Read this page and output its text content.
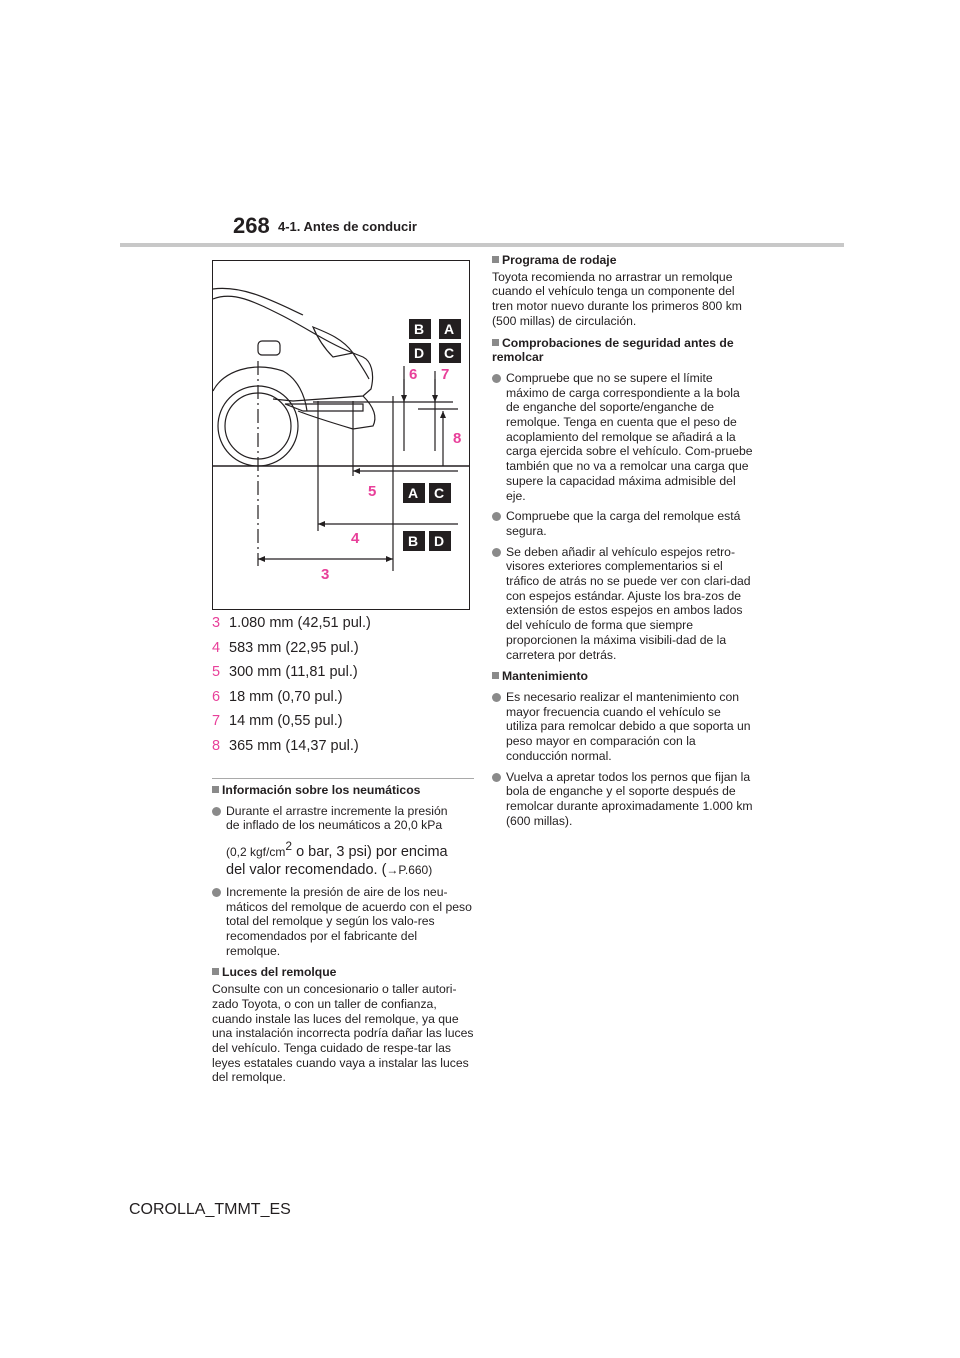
268 4-1. Antes de conducir
3
4
5
6 7
8
B A
D C
A C
B D
3 1.080 mm (42,51 pul.)
4 583 mm (22,95 pul.)
5 300 mm (11,81 pul.)
6 18 mm (0,70 pul.)
7 14 mm (0,55 pul.)
8 365 mm (14,37 pul.)
Información sobre los neumáticos
Durante el arrastre incremente la presión
de inflado de los neumáticos a 20,0 kPa
(0,2 kgf/$cm^2$ o bar, 3 psi) por encima
del valor recomendado. (→P.660)
Incremente la presión de aire de los neu-máticos del remolque de acuerdo con el peso total del remolque y según los valo-res recomendados por el fabricante del remolque.
Luces del remolque
Consulte con un concesionario o taller autori-zado Toyota, o con un taller de confianza, cuando instale las luces del remolque, ya que una instalación incorrecta podría dañar las luces del vehículo. Tenga cuidado de respe-tar las leyes estatales cuando vaya a instalar las luces del remolque.
Programa de rodaje
Toyota recomienda no arrastrar un remolque cuando el vehículo tenga un componente del tren motor nuevo durante los primeros 800 km (500 millas) de circulación.
Comprobaciones de seguridad antes de remolcar
Compruebe que no se supere el límite máximo de carga correspondiente a la bola de enganche del soporte/enganche de remolque. Tenga en cuenta que el peso de acoplamiento del remolque se añadirá a la carga ejercida sobre el vehículo. Com-pruebe también que no va a remolcar una carga que supere la capacidad máxima admisible del eje.
Compruebe que la carga del remolque está segura.
Se deben añadir al vehículo espejos retro-visores exteriores complementarios si el tráfico de atrás no se puede ver con clari-dad con espejos estándar. Ajuste los bra-zos de extensión de estos espejos en ambos lados del vehículo de forma que siempre proporcionen la máxima visibili-dad de la carretera por detrás.
Mantenimiento
Es necesario realizar el mantenimiento con mayor frecuencia cuando el vehículo se utiliza para remolcar debido a que soporta un peso mayor en comparación con la conducción normal.
Vuelva a apretar todos los pernos que fijan la bola de enganche y el soporte después de remolcar durante aproximadamente 1.000 km (600 millas).
COROLLA_TMMT_ES
